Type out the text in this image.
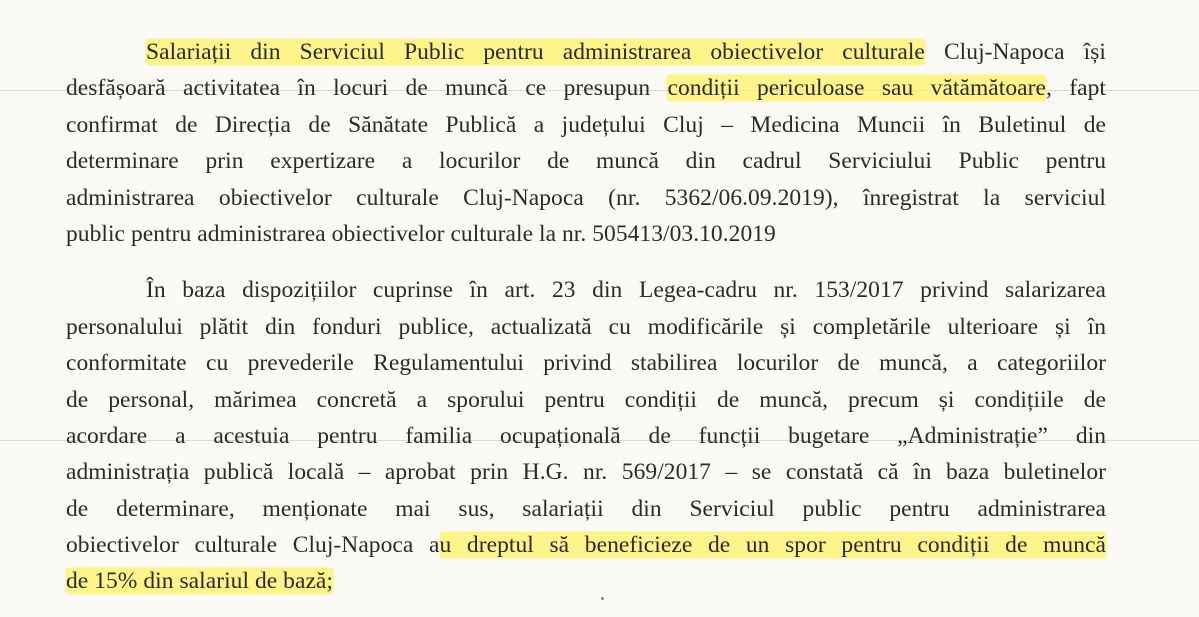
Salariații din Serviciul Public pentru administrarea obiectivelor culturale Cluj-Napoca își
desfășoară activitatea în locuri de muncă ce presupun condiții periculoase sau vătămătoare, fapt
confirmat de Direcția de Sănătate Publică a județului Cluj – Medicina Muncii în Buletinul de
determinare prin expertizare a locurilor de muncă din cadrul Serviciului Public pentru
administrarea obiectivelor culturale Cluj-Napoca (nr. 5362/06.09.2019), înregistrat la serviciul
public pentru administrarea obiectivelor culturale la nr. 505413/03.10.2019
În baza dispozițiilor cuprinse în art. 23 din Legea-cadru nr. 153/2017 privind salarizarea
personalului plătit din fonduri publice, actualizată cu modificările și completările ulterioare și în
conformitate cu prevederile Regulamentului privind stabilirea locurilor de muncă, a categoriilor
de personal, mărimea concretă a sporului pentru condiții de muncă, precum și condițiile de
acordare a acestuia pentru familia ocupațională de funcții bugetare „Administrație” din
administrația publică locală – aprobat prin H.G. nr. 569/2017 – se constată că în baza buletinelor
de determinare, menționate mai sus, salariații din Serviciul public pentru administrarea
obiectivelor culturale Cluj-Napoca au dreptul să beneficieze de un spor pentru condiții de muncă
de 15% din salariul de bază;
